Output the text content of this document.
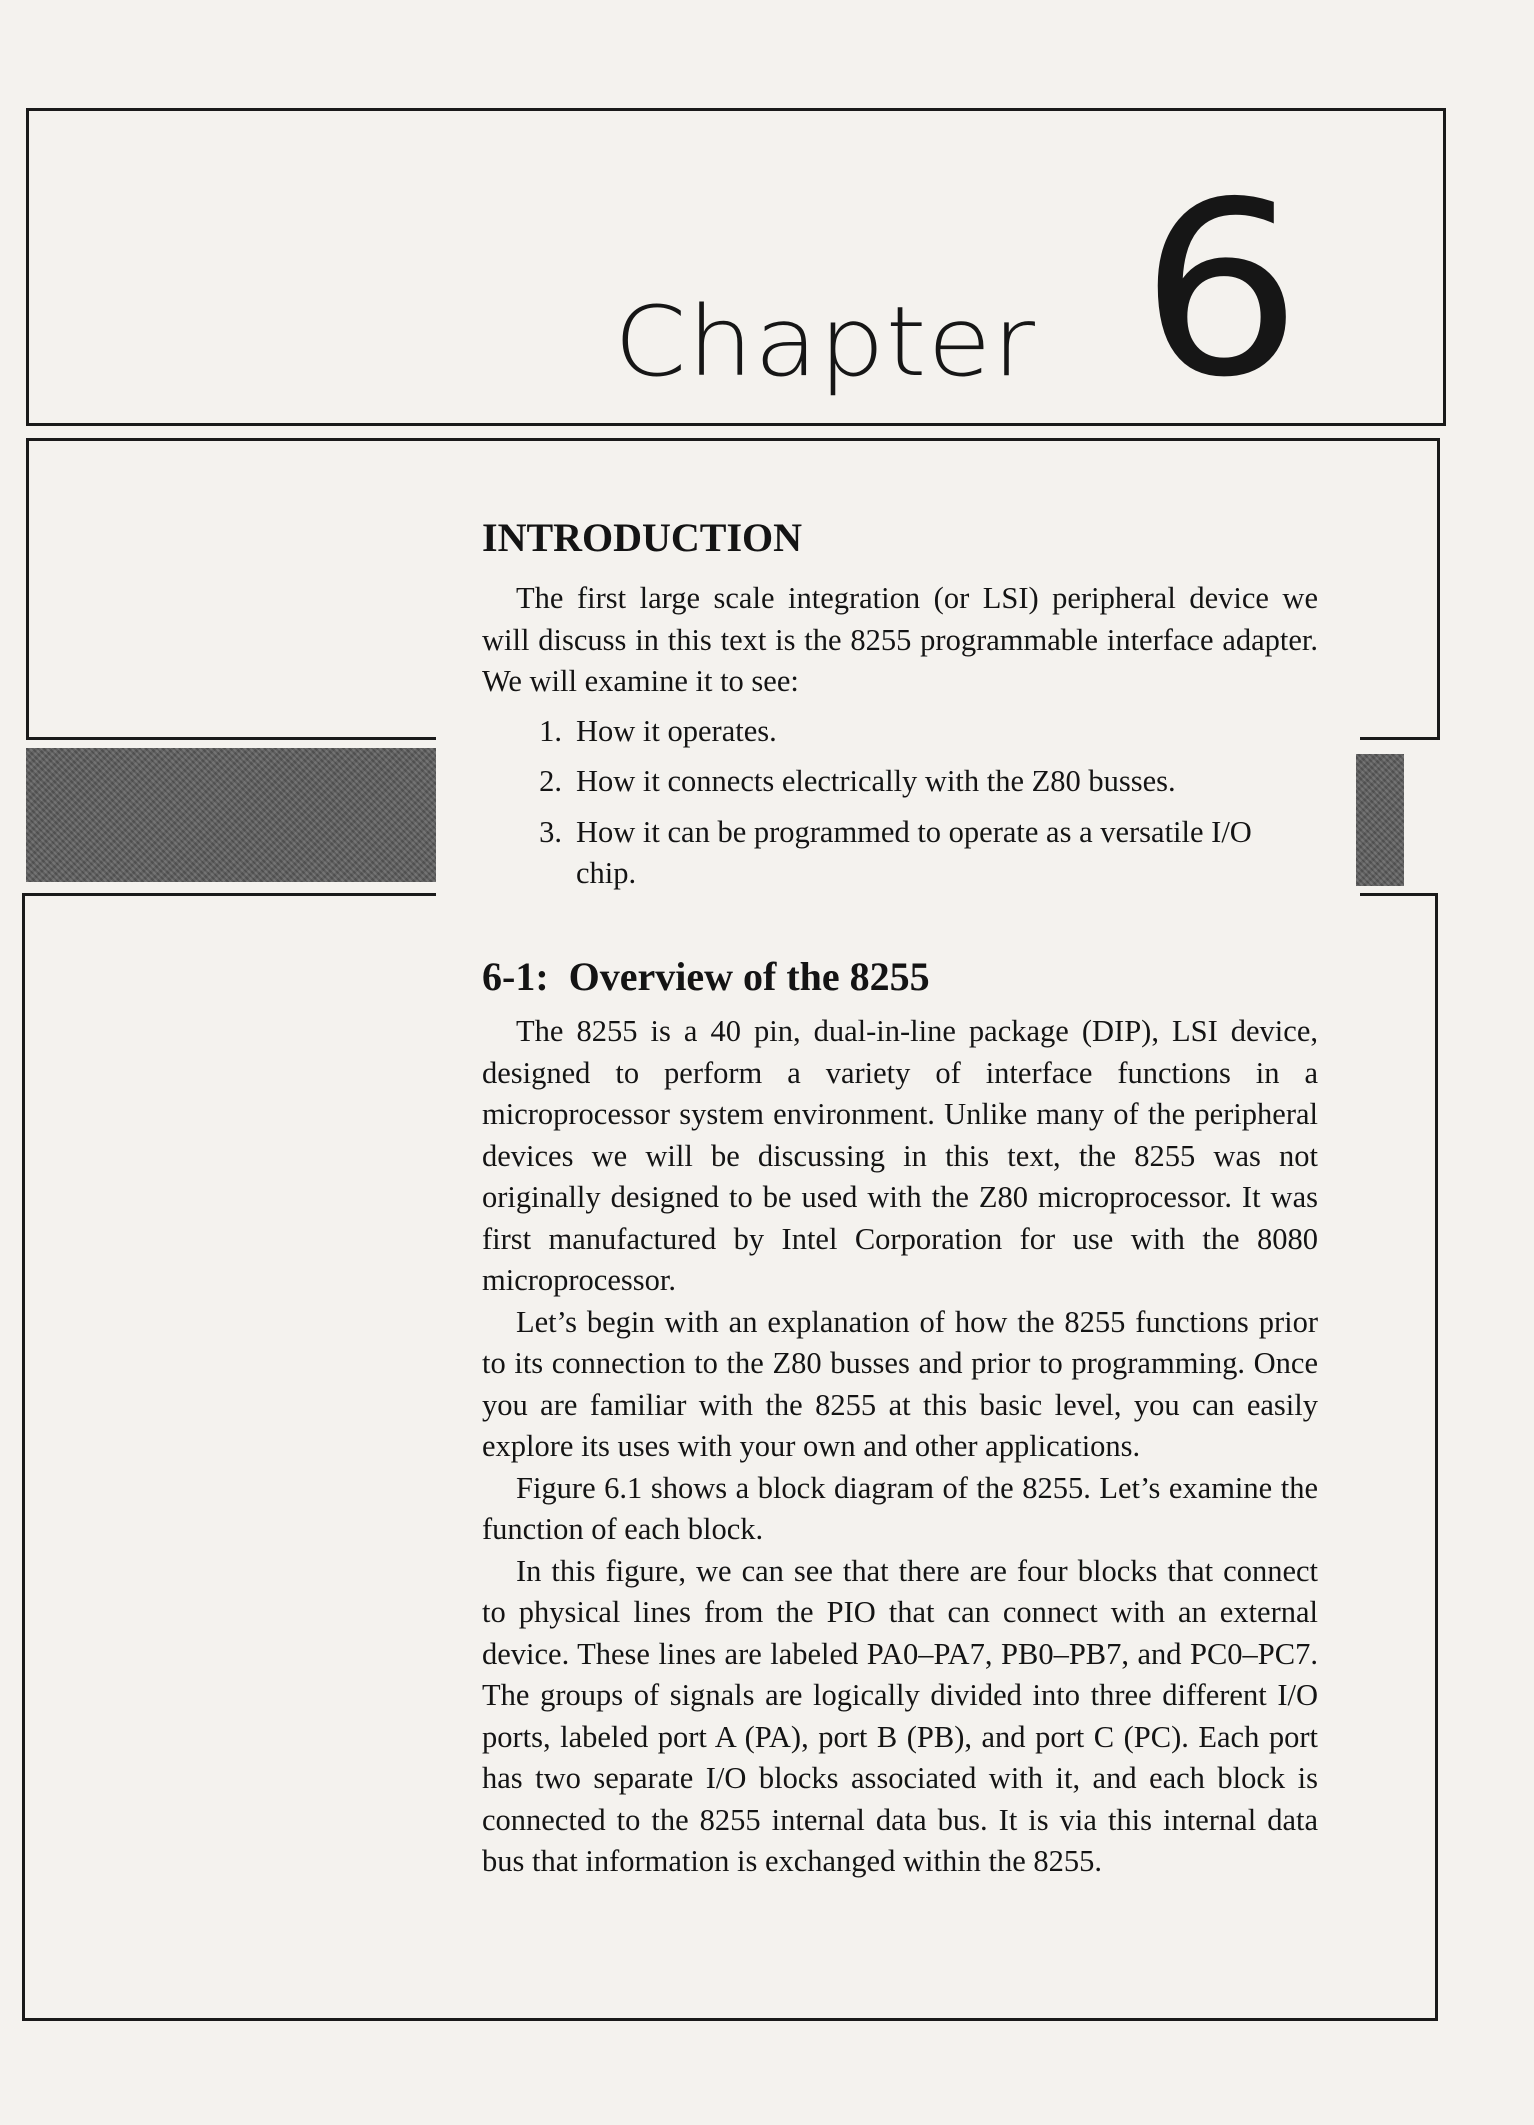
Chapter 6
INTRODUCTION

The first large scale integration (or LSI) peripheral device we will discuss in this text is the 8255 programmable interface adapter. We will examine it to see:

1. How it operates.
2. How it connects electrically with the Z80 busses.
3. How it can be programmed to operate as a versatile I/O chip.
6-1:  Overview of the 8255

The 8255 is a 40 pin, dual-in-line package (DIP), LSI device, designed to perform a variety of interface functions in a microprocessor system environment. Unlike many of the peripheral devices we will be discussing in this text, the 8255 was not originally designed to be used with the Z80 microprocessor. It was first manufactured by Intel Corporation for use with the 8080 microprocessor.

Let’s begin with an explanation of how the 8255 functions prior to its connection to the Z80 busses and prior to programming. Once you are familiar with the 8255 at this basic level, you can easily explore its uses with your own and other applications.

Figure 6.1 shows a block diagram of the 8255. Let’s examine the function of each block.

In this figure, we can see that there are four blocks that connect to physical lines from the PIO that can connect with an external device. These lines are labeled PA0–PA7, PB0–PB7, and PC0–PC7. The groups of signals are logically divided into three different I/O ports, labeled port A (PA), port B (PB), and port C (PC). Each port has two separate I/O blocks associated with it, and each block is connected to the 8255 internal data bus. It is via this internal data bus that information is exchanged within the 8255.
